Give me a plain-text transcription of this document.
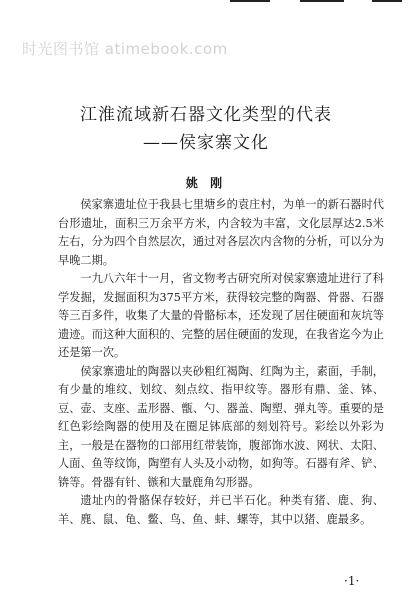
时光图书馆 atimebook.com
江淮流域新石器文化类型的代表
——侯家寨文化
姚 刚

侯家寨遗址位于我县七里塘乡的袁庄村，为单一的新石器时代台形遗址，面积三万余平方米，内含较为丰富，文化层厚达2.5米左右，分为四个自然层次，通过对各层次内含物的分析，可以分为早晚二期。

一九八六年十一月，省文物考古研究所对侯家寨遗址进行了科学发掘，发掘面积为375平方米，获得较完整的陶器、骨器、石器等三百多件，收集了大量的骨骼标本，还发现了居住硬面和灰坑等遗迹。而这种大面积的、完整的居住硬面的发现，在我省迄今为止还是第一次。

侯家寨遗址的陶器以夹砂粗红褐陶、红陶为主，素面，手制，有少量的堆纹、划纹、刻点纹、指甲纹等。器形有鼎、釜、钵、豆、壶、支座、盂形器、甑、勺、器盖、陶塑、弹丸等。重要的是红色彩绘陶器的使用及在圈足钵底部的刻划符号。彩绘以外彩为主，一般是在器物的口部用红带装饰，腹部饰水波、网状、太阳、人面、鱼等纹饰，陶塑有人头及小动物，如狗等。石器有斧、铲、锛等。骨器有针、镞和大量鹿角勾形器。

遗址内的骨骼保存较好，并已半石化。种类有猪、鹿、狗、羊、麂、鼠、龟、鳖、鸟、鱼、蚌、螺等，其中以猪、鹿最多。

·1·
